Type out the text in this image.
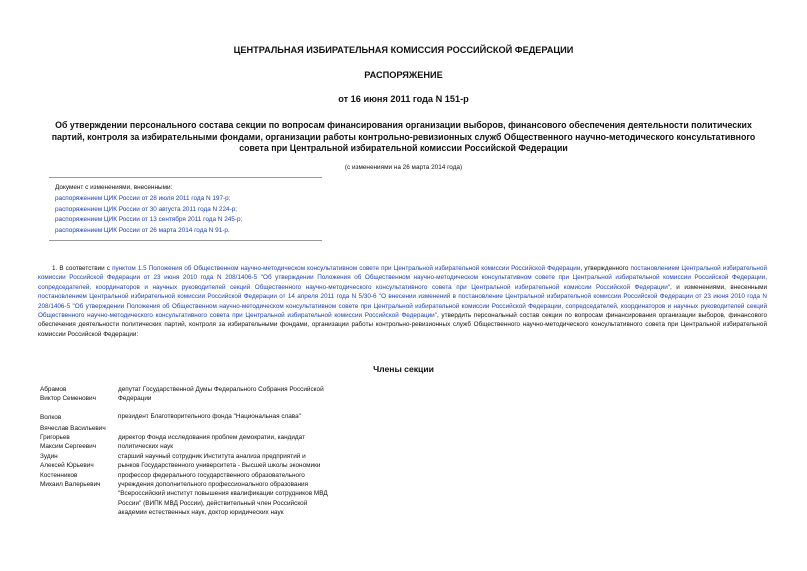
ЦЕНТРАЛЬНАЯ ИЗБИРАТЕЛЬНАЯ КОМИССИЯ РОССИЙСКОЙ ФЕДЕРАЦИИ
РАСПОРЯЖЕНИЕ
от 16 июня 2011 года N 151-р
Об утверждении персонального состава секции по вопросам финансирования организации выборов, финансового обеспечения деятельности политических партий, контроля за избирательными фондами, организации работы контрольно-ревизионных служб Общественного научно-методического консультативного совета при Центральной избирательной комиссии Российской Федерации
(с изменениями на 26 марта 2014 года)
Документ с изменениями, внесенными:
распоряжением ЦИК России от 28 июля 2011 года N 197-р;
распоряжением ЦИК России от 30 августа 2011 года N 224-р;
распоряжением ЦИК России от 13 сентября 2011 года N 245-р;
распоряжением ЦИК России от 26 марта 2014 года N 91-р.
1. В соответствии с пунктом 1.5 Положения об Общественном научно-методическом консультативном совете при Центральной избирательной комиссии Российской Федерации, утвержденного постановлением Центральной избирательной комиссии Российской Федерации от 23 июня 2010 года N 208/1406-5 "Об утверждении Положения об Общественном научно-методическом консультативном совете при Центральной избирательной комиссии Российской Федерации, сопредседателей, координаторов и научных руководителей секций Общественного научно-методического консультативного совета при Центральной избирательной комиссии Российской Федерации", и изменениями, внесенными постановлением Центральной избирательной комиссии Российской Федерации от 14 апреля 2011 года N 5/30-6 "О внесении изменений в постановление Центральной избирательной комиссии Российской Федерации от 23 июня 2010 года N 208/1406-5 "Об утверждении Положения об Общественном научно-методическом консультативном совете при Центральной избирательной комиссии Российской Федерации, сопредседателей, координаторов и научных руководителей секций Общественного научно-методического консультативного совета при Центральной избирательной комиссии Российской Федерации", утвердить персональный состав секции по вопросам финансирования организации выборов, финансового обеспечения деятельности политических партий, контроля за избирательными фондами, организации работы контрольно-ревизионных служб Общественного научно-методического консультативного совета при Центральной избирательной комиссии Российской Федерации:
Члены секции
Абрамов
Виктор Семенович
депутат Государственной Думы Федерального Собрания Российской Федерации
Волков
Вячеслав Васильевич
президент Благотворительного фонда "Национальная слава"
Григорьев
Максим Сергеевич
директор Фонда исследования проблем демократии, кандидат политических наук
Зудин
Алексей Юрьевич
старший научный сотрудник Института анализа предприятий и рынков Государственного университета - Высшей школы экономики
Костенников
Михаил Валерьевич
профессор федерального государственного образовательного учреждения дополнительного профессионального образования "Всероссийский институт повышения квалификации сотрудников МВД России" (ВИПК МВД России), действительный член Российской академии естественных наук, доктор юридических наук
